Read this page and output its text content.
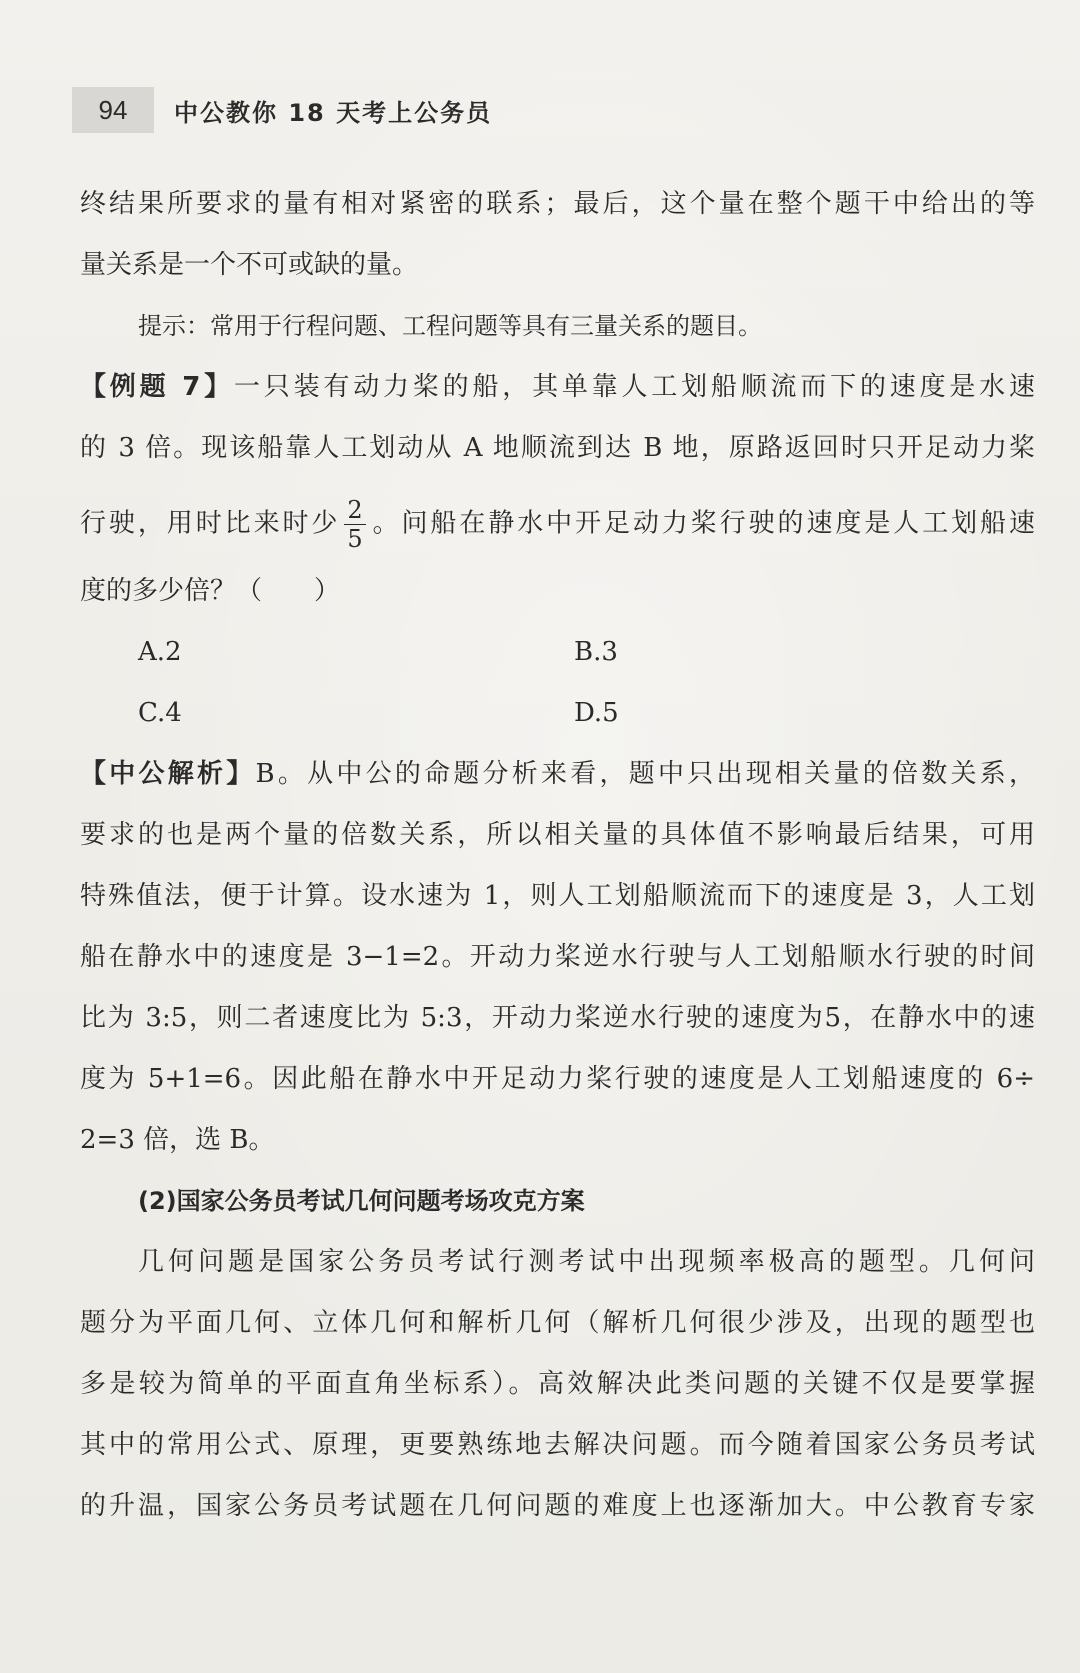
94	中公教你 18 天考上公务员
终结果所要求的量有相对紧密的联系；最后，这个量在整个题干中给出的等
量关系是一个不可或缺的量。
提示：常用于行程问题、工程问题等具有三量关系的题目。
【例题 7】一只装有动力桨的船，其单靠人工划船顺流而下的速度是水速
的 3 倍。现该船靠人工划动从 A 地顺流到达 B 地，原路返回时只开足动力桨
行驶，用时比来时少 $\frac{2}{5}$ 。问船在静水中开足动力桨行驶的速度是人工划船速
度的多少倍？（　　）
A.2	B.3
C.4	D.5
【中公解析】B。从中公的命题分析来看，题中只出现相关量的倍数关系，
要求的也是两个量的倍数关系，所以相关量的具体值不影响最后结果，可用
特殊值法，便于计算。设水速为 1，则人工划船顺流而下的速度是 3，人工划
船在静水中的速度是 3−1=2。开动力桨逆水行驶与人工划船顺水行驶的时间
比为 3:5，则二者速度比为 5:3，开动力桨逆水行驶的速度为5，在静水中的速
度为 5+1=6。因此船在静水中开足动力桨行驶的速度是人工划船速度的 6÷
2=3 倍，选 B。
(2)国家公务员考试几何问题考场攻克方案
几何问题是国家公务员考试行测考试中出现频率极高的题型。几何问
题分为平面几何、立体几何和解析几何（解析几何很少涉及，出现的题型也
多是较为简单的平面直角坐标系）。高效解决此类问题的关键不仅是要掌握
其中的常用公式、原理，更要熟练地去解决问题。而今随着国家公务员考试
的升温，国家公务员考试题在几何问题的难度上也逐渐加大。中公教育专家
